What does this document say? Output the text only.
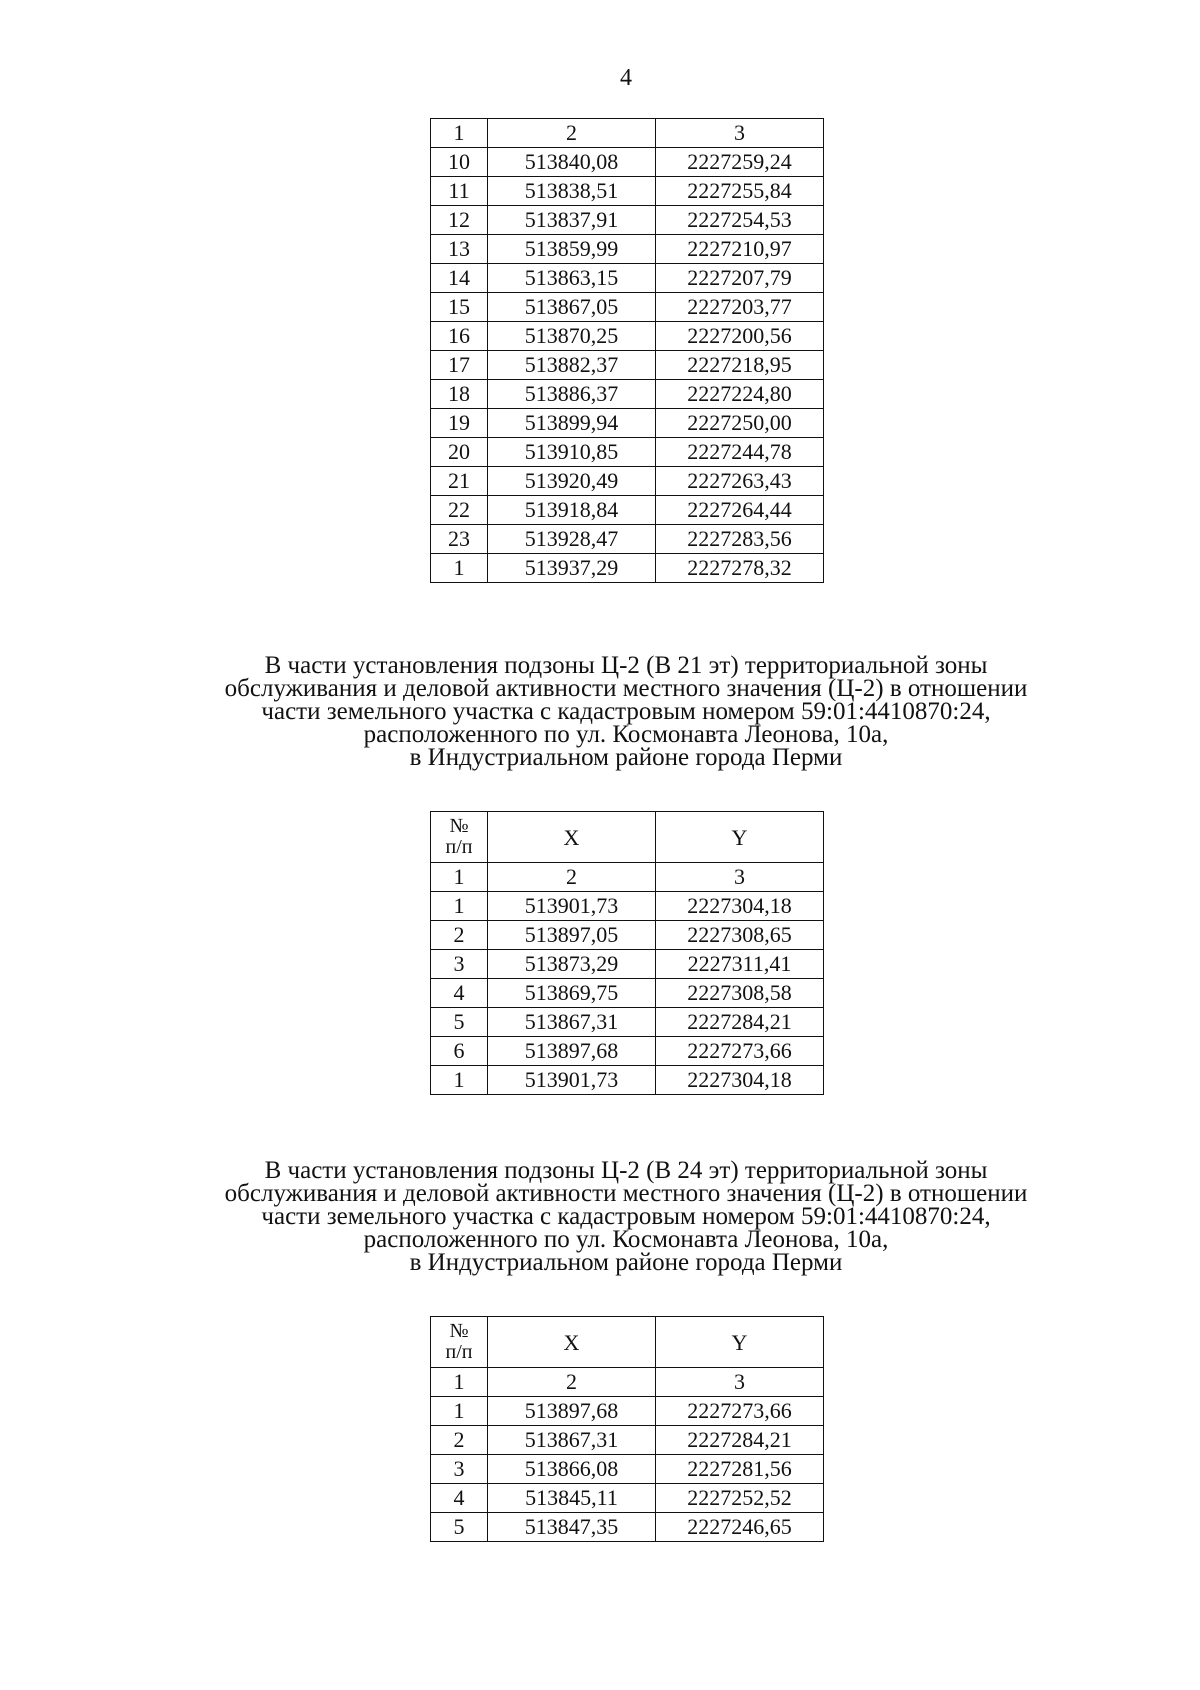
4
1	2	3
10	513840,08	2227259,24
11	513838,51	2227255,84
12	513837,91	2227254,53
13	513859,99	2227210,97
14	513863,15	2227207,79
15	513867,05	2227203,77
16	513870,25	2227200,56
17	513882,37	2227218,95
18	513886,37	2227224,80
19	513899,94	2227250,00
20	513910,85	2227244,78
21	513920,49	2227263,43
22	513918,84	2227264,44
23	513928,47	2227283,56
1	513937,29	2227278,32
В части установления подзоны Ц-2 (В 21 эт) территориальной зоны
обслуживания и деловой активности местного значения (Ц-2) в отношении
части земельного участка с кадастровым номером 59:01:4410870:24,
расположенного по ул. Космонавта Леонова, 10а,
в Индустриальном районе города Перми
№
п/п	X	Y
1	2	3
1	513901,73	2227304,18
2	513897,05	2227308,65
3	513873,29	2227311,41
4	513869,75	2227308,58
5	513867,31	2227284,21
6	513897,68	2227273,66
1	513901,73	2227304,18
В части установления подзоны Ц-2 (В 24 эт) территориальной зоны
обслуживания и деловой активности местного значения (Ц-2) в отношении
части земельного участка с кадастровым номером 59:01:4410870:24,
расположенного по ул. Космонавта Леонова, 10а,
в Индустриальном районе города Перми
№
п/п	X	Y
1	2	3
1	513897,68	2227273,66
2	513867,31	2227284,21
3	513866,08	2227281,56
4	513845,11	2227252,52
5	513847,35	2227246,65
